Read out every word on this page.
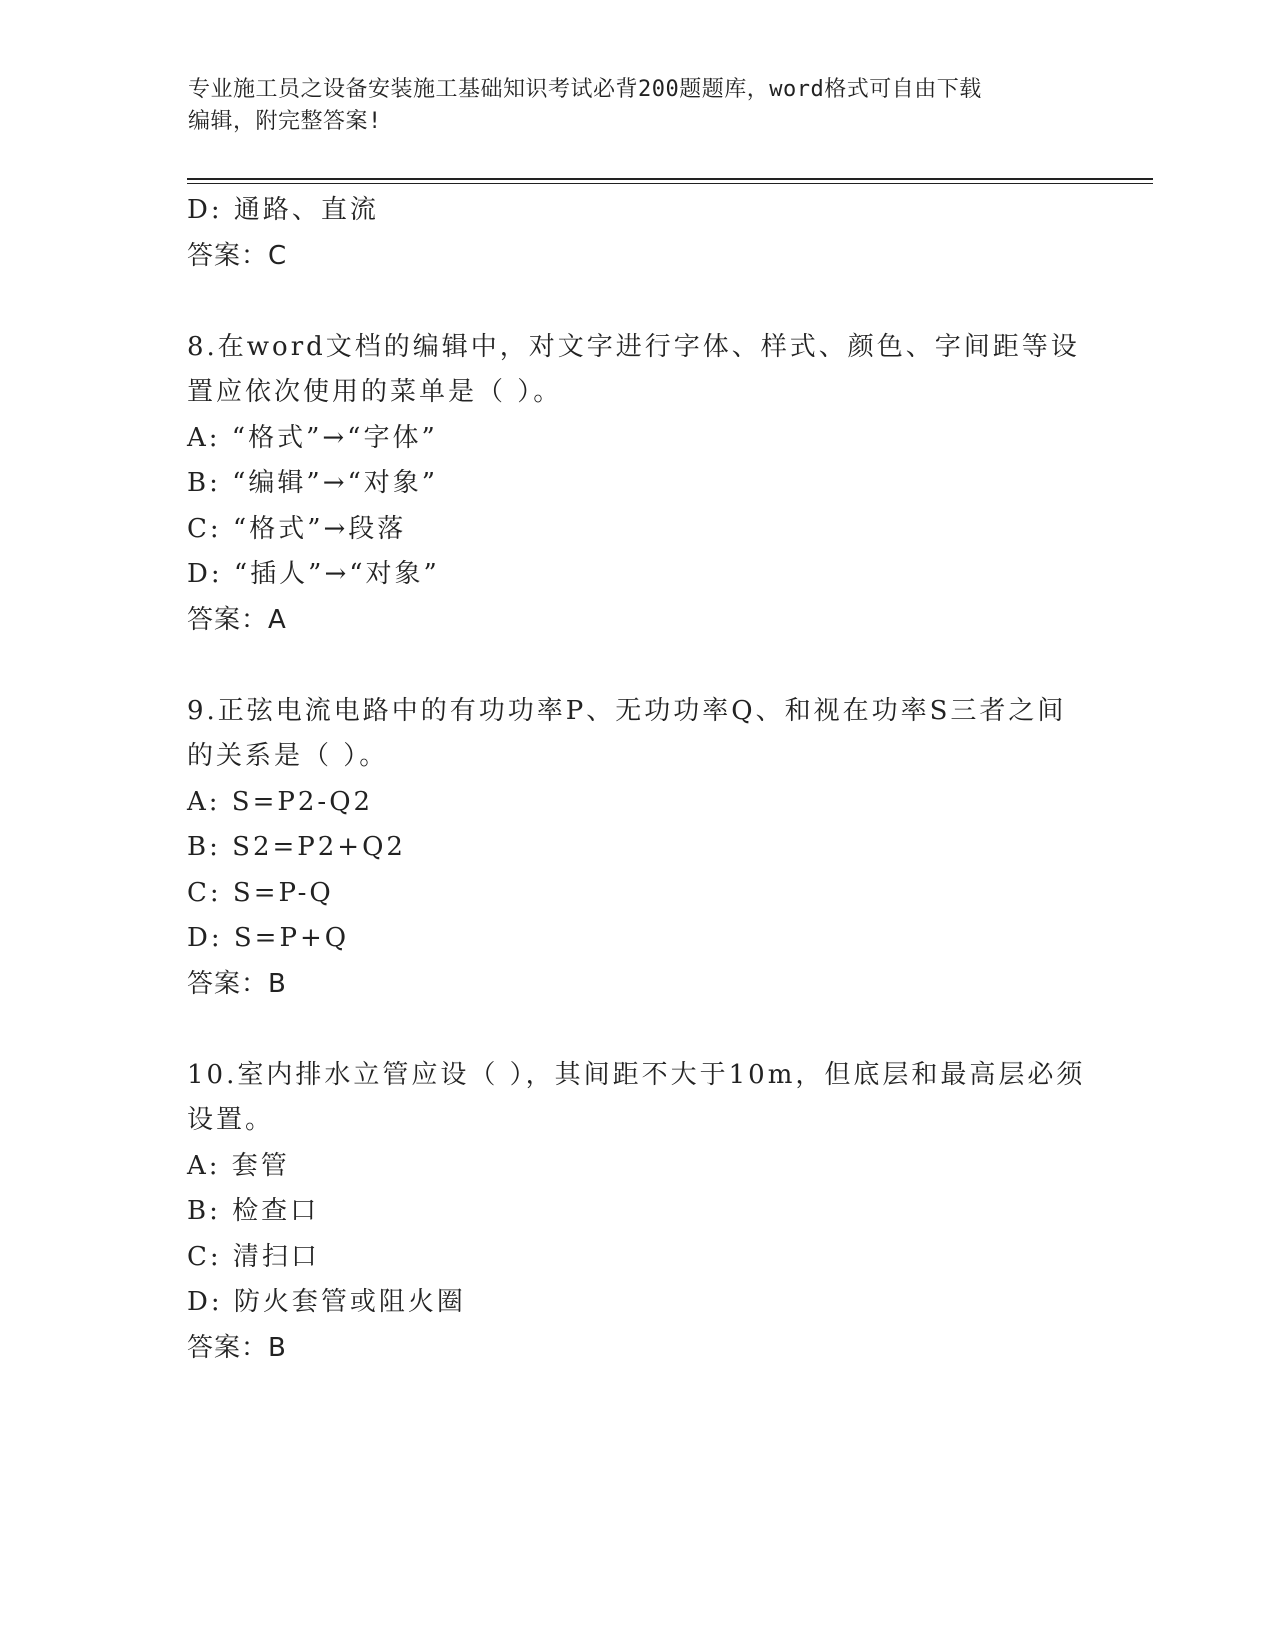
专业施工员之设备安装施工基础知识考试必背200题题库，word格式可自由下载
编辑，附完整答案!
D: 通路、直流
答案：C
8.在word文档的编辑中，对文字进行字体、样式、颜色、字间距等设
置应依次使用的菜单是（ ）。
A: “格式”→“字体”
B: “编辑”→“对象”
C: “格式”→段落
D: “插人”→“对象”
答案：A
9.正弦电流电路中的有功功率P、无功功率Q、和视在功率S三者之间
的关系是（ ）。
A: S=P2-Q2
B: S2=P2+Q2
C: S=P-Q
D: S=P+Q
答案：B
10.室内排水立管应设（ ），其间距不大于10m，但底层和最高层必须
设置。
A: 套管
B: 检查口
C: 清扫口
D: 防火套管或阻火圈
答案：B
